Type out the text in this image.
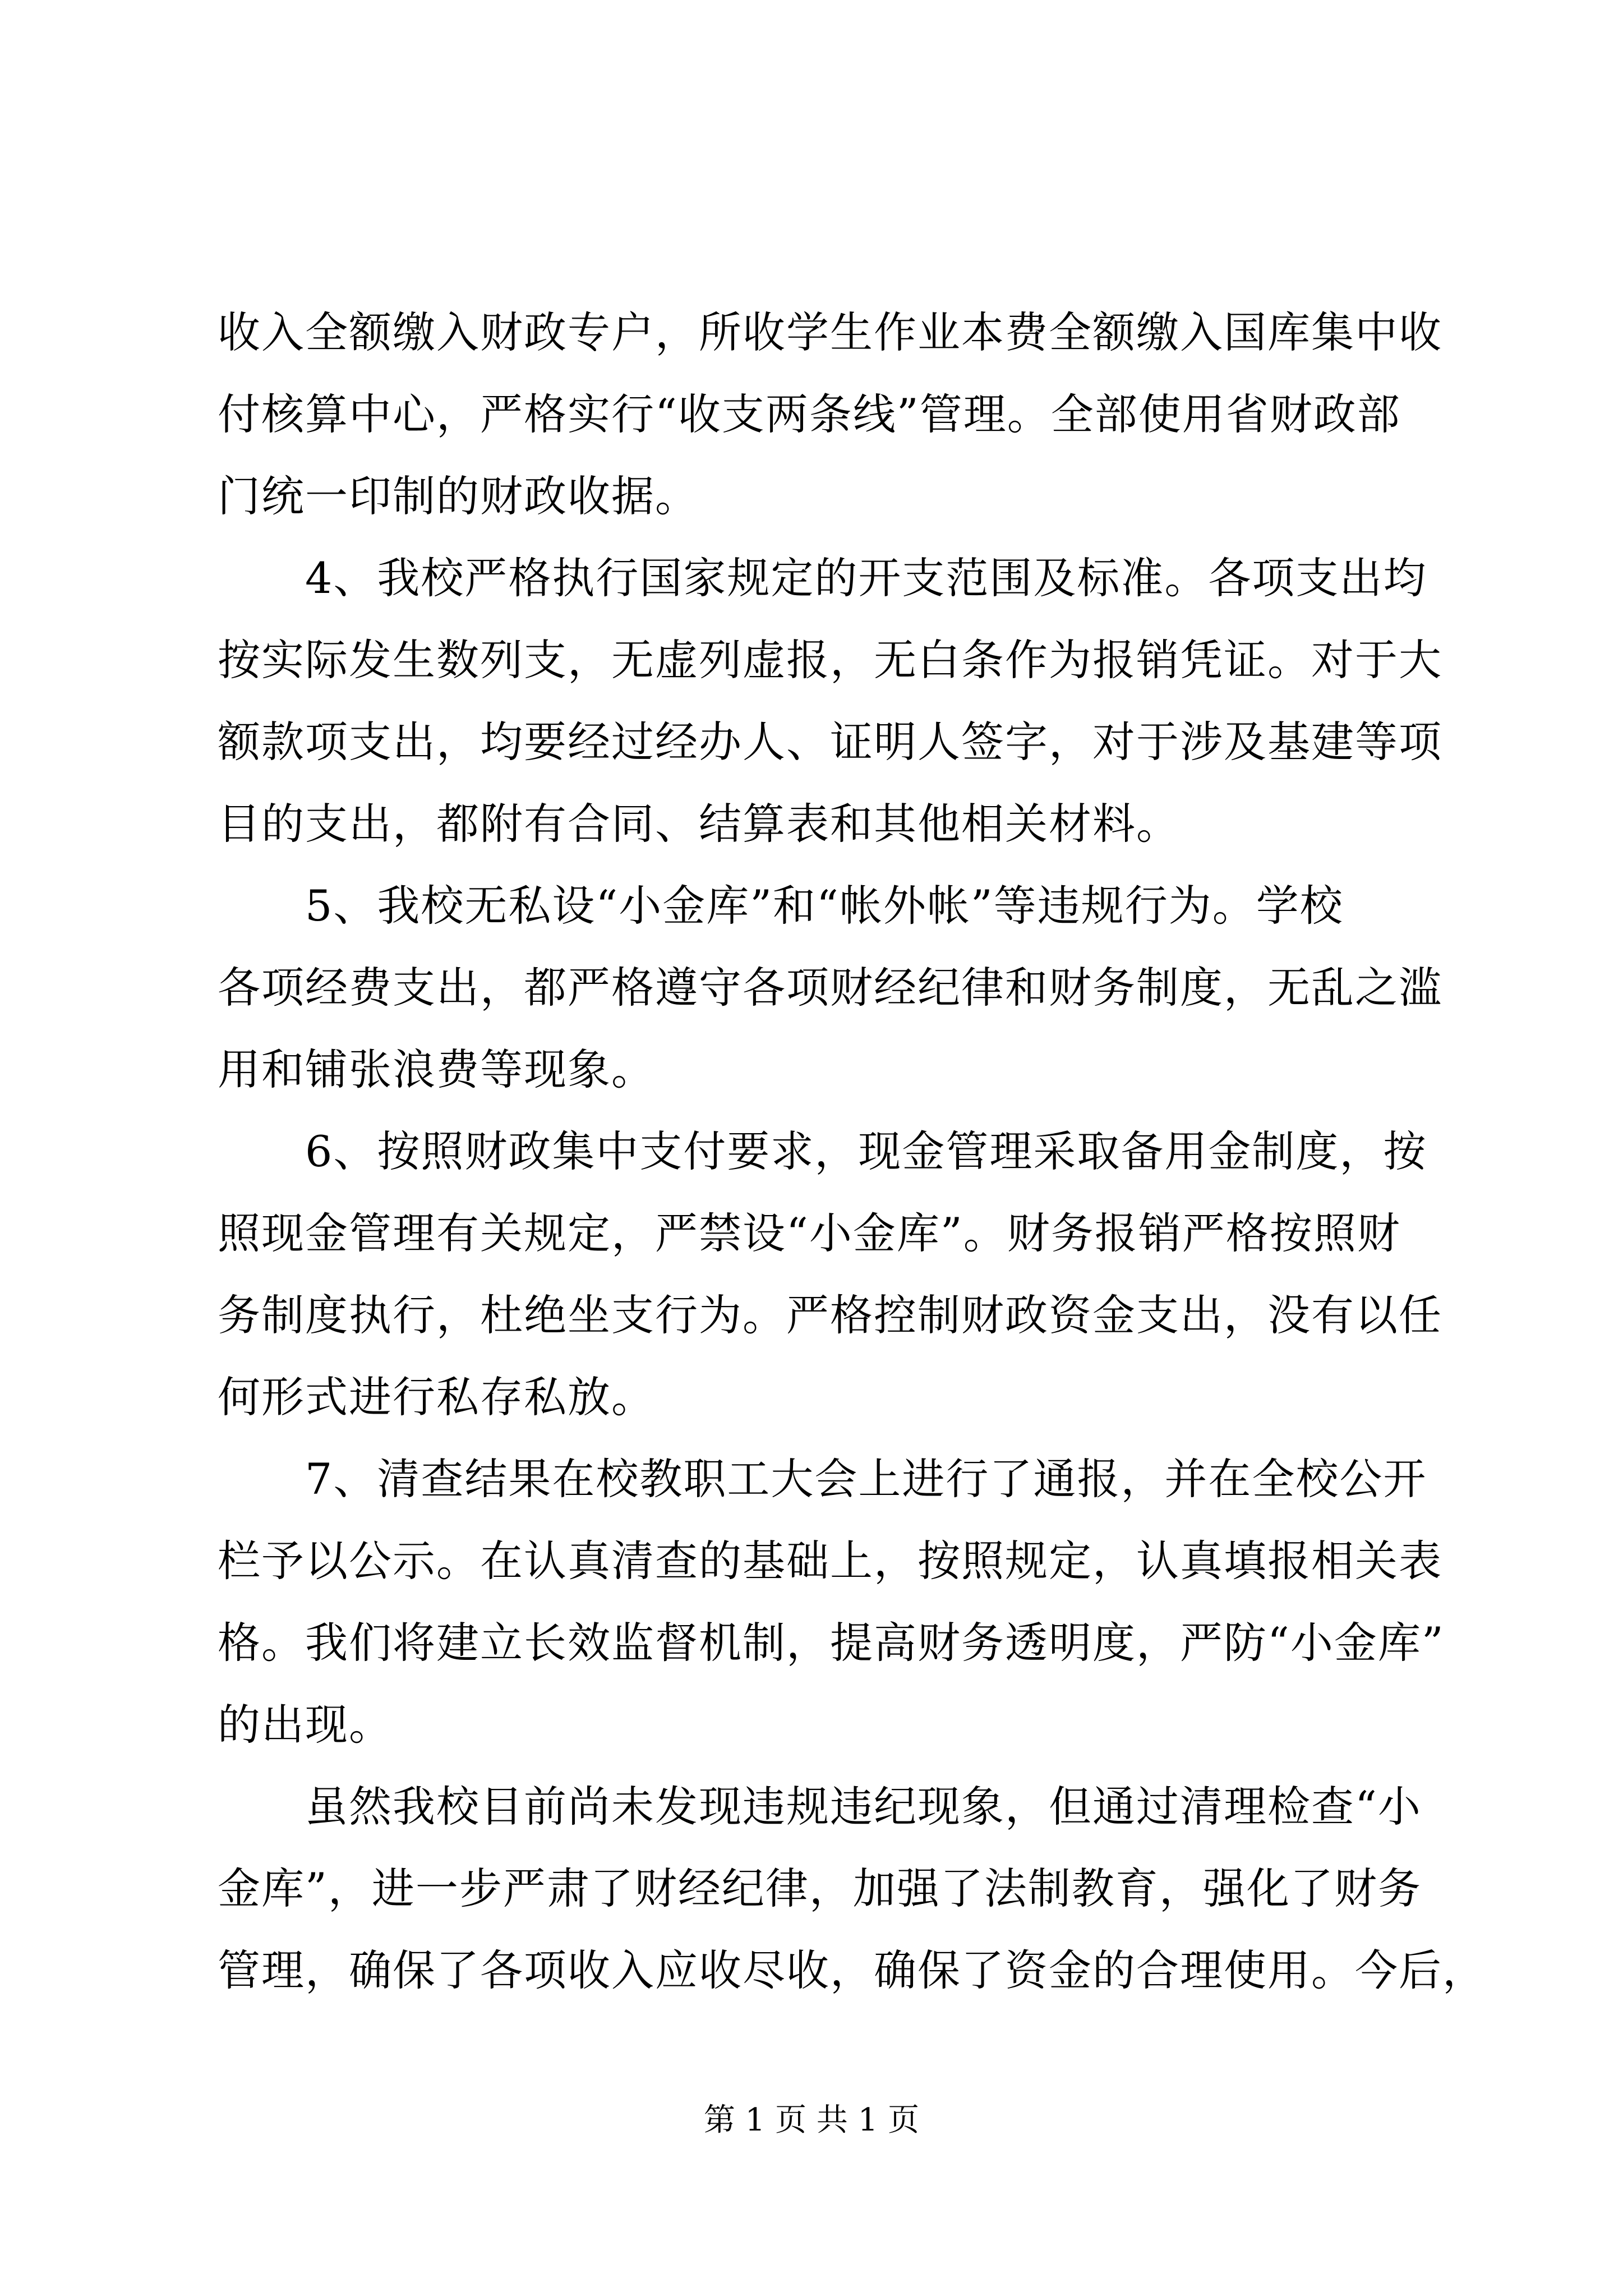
收入全额缴入财政专户，所收学生作业本费全额缴入国库集中收
付核算中心，严格实行“收支两条线”管理。全部使用省财政部
门统一印制的财政收据。
　　4、我校严格执行国家规定的开支范围及标准。各项支出均
按实际发生数列支，无虚列虚报，无白条作为报销凭证。对于大
额款项支出，均要经过经办人、证明人签字，对于涉及基建等项
目的支出，都附有合同、结算表和其他相关材料。
　　5、我校无私设“小金库”和“帐外帐”等违规行为。学校
各项经费支出，都严格遵守各项财经纪律和财务制度，无乱之滥
用和铺张浪费等现象。
　　6、按照财政集中支付要求，现金管理采取备用金制度，按
照现金管理有关规定，严禁设“小金库”。财务报销严格按照财
务制度执行，杜绝坐支行为。严格控制财政资金支出，没有以任
何形式进行私存私放。
　　7、清查结果在校教职工大会上进行了通报，并在全校公开
栏予以公示。在认真清查的基础上，按照规定，认真填报相关表
格。我们将建立长效监督机制，提高财务透明度，严防“小金库”
的出现。
　　虽然我校目前尚未发现违规违纪现象，但通过清理检查“小
金库”，进一步严肃了财经纪律，加强了法制教育，强化了财务
管理，确保了各项收入应收尽收，确保了资金的合理使用。今后，
第 1 页 共 1 页
